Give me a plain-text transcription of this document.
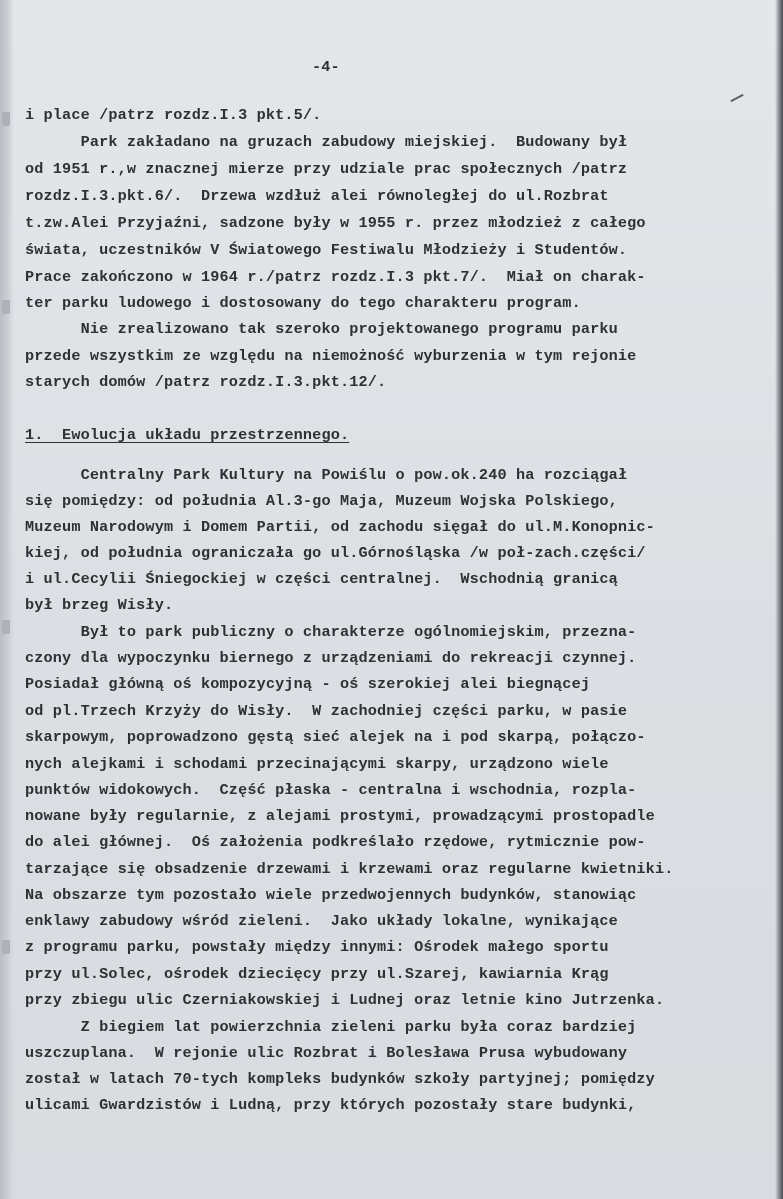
-4-
i place /patrz rozdz.I.3 pkt.5/.
Park zakładano na gruzach zabudowy miejskiej.  Budowany był
od 1951 r.,w znacznej mierze przy udziale prac społecznych /patrz
rozdz.I.3.pkt.6/.  Drzewa wzdłuż alei równoległej do ul.Rozbrat
t.zw.Alei Przyjaźni, sadzone były w 1955 r. przez młodzież z całego
świata, uczestników V Światowego Festiwalu Młodzieży i Studentów.
Prace zakończono w 1964 r./patrz rozdz.I.3 pkt.7/.  Miał on charak-
ter parku ludowego i dostosowany do tego charakteru program.
Nie zrealizowano tak szeroko projektowanego programu parku
przede wszystkim ze względu na niemożność wyburzenia w tym rejonie
starych domów /patrz rozdz.I.3.pkt.12/.
1.  Ewolucja układu przestrzennego.
Centralny Park Kultury na Powiślu o pow.ok.240 ha rozciągał
się pomiędzy: od południa Al.3-go Maja, Muzeum Wojska Polskiego,
Muzeum Narodowym i Domem Partii, od zachodu sięgał do ul.M.Konopnic-
kiej, od południa ograniczała go ul.Górnośląska /w poł-zach.części/
i ul.Cecylii Śniegockiej w części centralnej.  Wschodnią granicą
był brzeg Wisły.
Był to park publiczny o charakterze ogólnomiejskim, przezna-
czony dla wypoczynku biernego z urządzeniami do rekreacji czynnej.
Posiadał główną oś kompozycyjną - oś szerokiej alei biegnącej
od pl.Trzech Krzyży do Wisły.  W zachodniej części parku, w pasie
skarpowym, poprowadzono gęstą sieć alejek na i pod skarpą, połączo-
nych alejkami i schodami przecinającymi skarpy, urządzono wiele
punktów widokowych.  Część płaska - centralna i wschodnia, rozpla-
nowane były regularnie, z alejami prostymi, prowadzącymi prostopadle
do alei głównej.  Oś założenia podkreślało rzędowe, rytmicznie pow-
tarzające się obsadzenie drzewami i krzewami oraz regularne kwietniki.
Na obszarze tym pozostało wiele przedwojennych budynków, stanowiąc
enklawy zabudowy wśród zieleni.  Jako układy lokalne, wynikające
z programu parku, powstały między innymi: Ośrodek małego sportu
przy ul.Solec, ośrodek dziecięcy przy ul.Szarej, kawiarnia Krąg
przy zbiegu ulic Czerniakowskiej i Ludnej oraz letnie kino Jutrzenka.
Z biegiem lat powierzchnia zieleni parku była coraz bardziej
uszczuplana.  W rejonie ulic Rozbrat i Bolesława Prusa wybudowany
został w latach 70-tych kompleks budynków szkoły partyjnej; pomiędzy
ulicami Gwardzistów i Ludną, przy których pozostały stare budynki,
